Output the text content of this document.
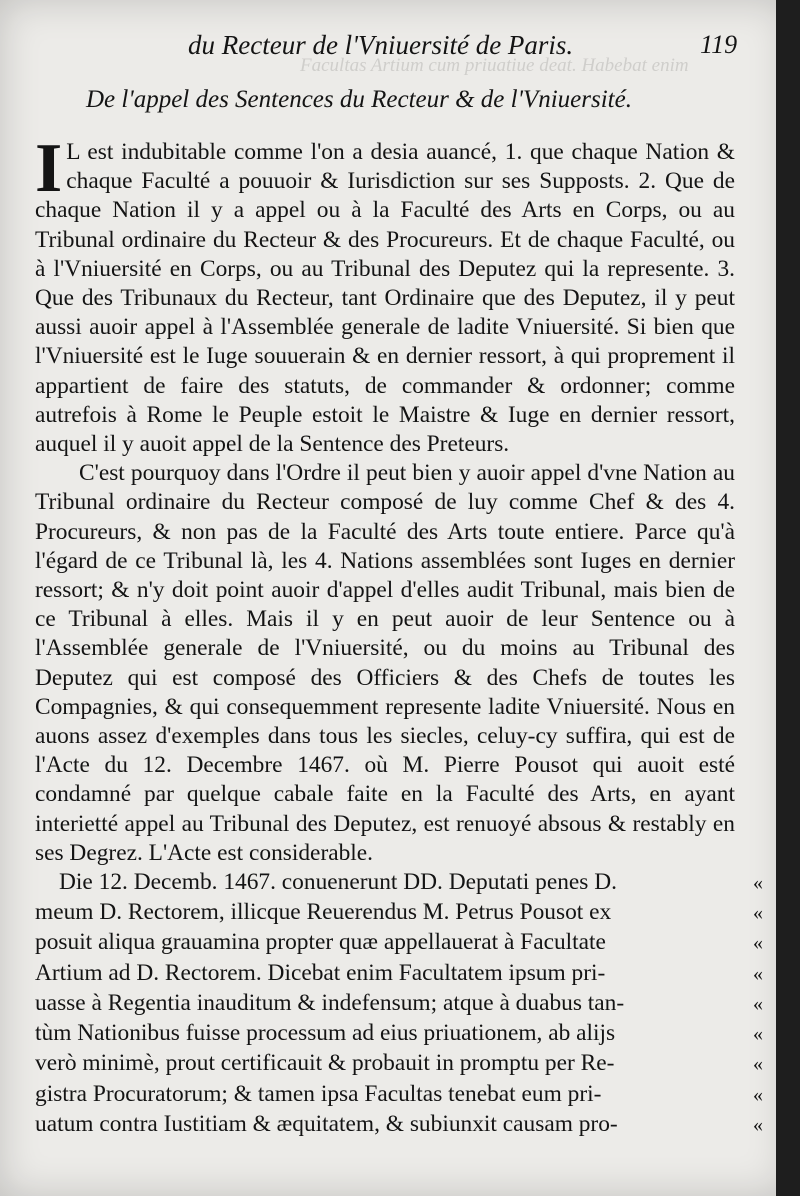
Facultas Artium cum priuatiue deat. Habebat enim
du Recteur de l'Vniuersité de Paris.	119
De l'appel des Sentences du Recteur & de l'Vniuersité.

I L est indubitable comme l'on a desia auancé, 1. que chaque Nation & chaque Faculté a pouuoir & Iurisdiction sur ses Supposts. 2. Que de chaque Nation il y a appel ou à la Faculté des Arts en Corps, ou au Tribunal ordinaire du Recteur & des Procureurs. Et de chaque Faculté, ou à l'Vniuersité en Corps, ou au Tribunal des Deputez qui la represente. 3. Que des Tribunaux du Recteur, tant Ordinaire que des Deputez, il y peut aussi auoir appel à l'Assemblée generale de ladite Vniuersité. Si bien que l'Vniuersité est le Iuge souuerain & en dernier ressort, à qui proprement il appartient de faire des statuts, de commander & ordonner; comme autrefois à Rome le Peuple estoit le Maistre & Iuge en dernier ressort, auquel il y auoit appel de la Sentence des Preteurs.

C'est pourquoy dans l'Ordre il peut bien y auoir appel d'vne Nation au Tribunal ordinaire du Recteur composé de luy comme Chef & des 4. Procureurs, & non pas de la Faculté des Arts toute entiere. Parce qu'à l'égard de ce Tribunal là, les 4. Nations assemblées sont Iuges en dernier ressort; & n'y doit point auoir d'appel d'elles audit Tribunal, mais bien de ce Tribunal à elles. Mais il y en peut auoir de leur Sentence ou à l'Assemblée generale de l'Vniuersité, ou du moins au Tribunal des Deputez qui est composé des Officiers & des Chefs de toutes les Compagnies, & qui consequemment represente ladite Vniuersité. Nous en auons assez d'exemples dans tous les siecles, celuy-cy suffira, qui est de l'Acte du 12. Decembre 1467. où M. Pierre Pousot qui auoit esté condamné par quelque cabale faite en la Faculté des Arts, en ayant interietté appel au Tribunal des Deputez, est renuoyé absous & restably en ses Degrez. L'Acte est considerable.

Die 12. Decemb. 1467. conuenerunt DD. Deputati penes D.	«
meum D. Rectorem, illicque Reuerendus M. Petrus Pousot ex	«
posuit aliqua grauamina propter quæ appellauerat à Facultate	«
Artium ad D. Rectorem. Dicebat enim Facultatem ipsum pri-	«
uasse à Regentia inauditum & indefensum; atque à duabus tan-	«
tùm Nationibus fuisse processum ad eius priuationem, ab alijs	«
verò minimè, prout certificauit & probauit in promptu per Re-	«
gistra Procuratorum; & tamen ipsa Facultas tenebat eum pri-	«
uatum contra Iustitiam & æquitatem, & subiunxit causam pro-	«
